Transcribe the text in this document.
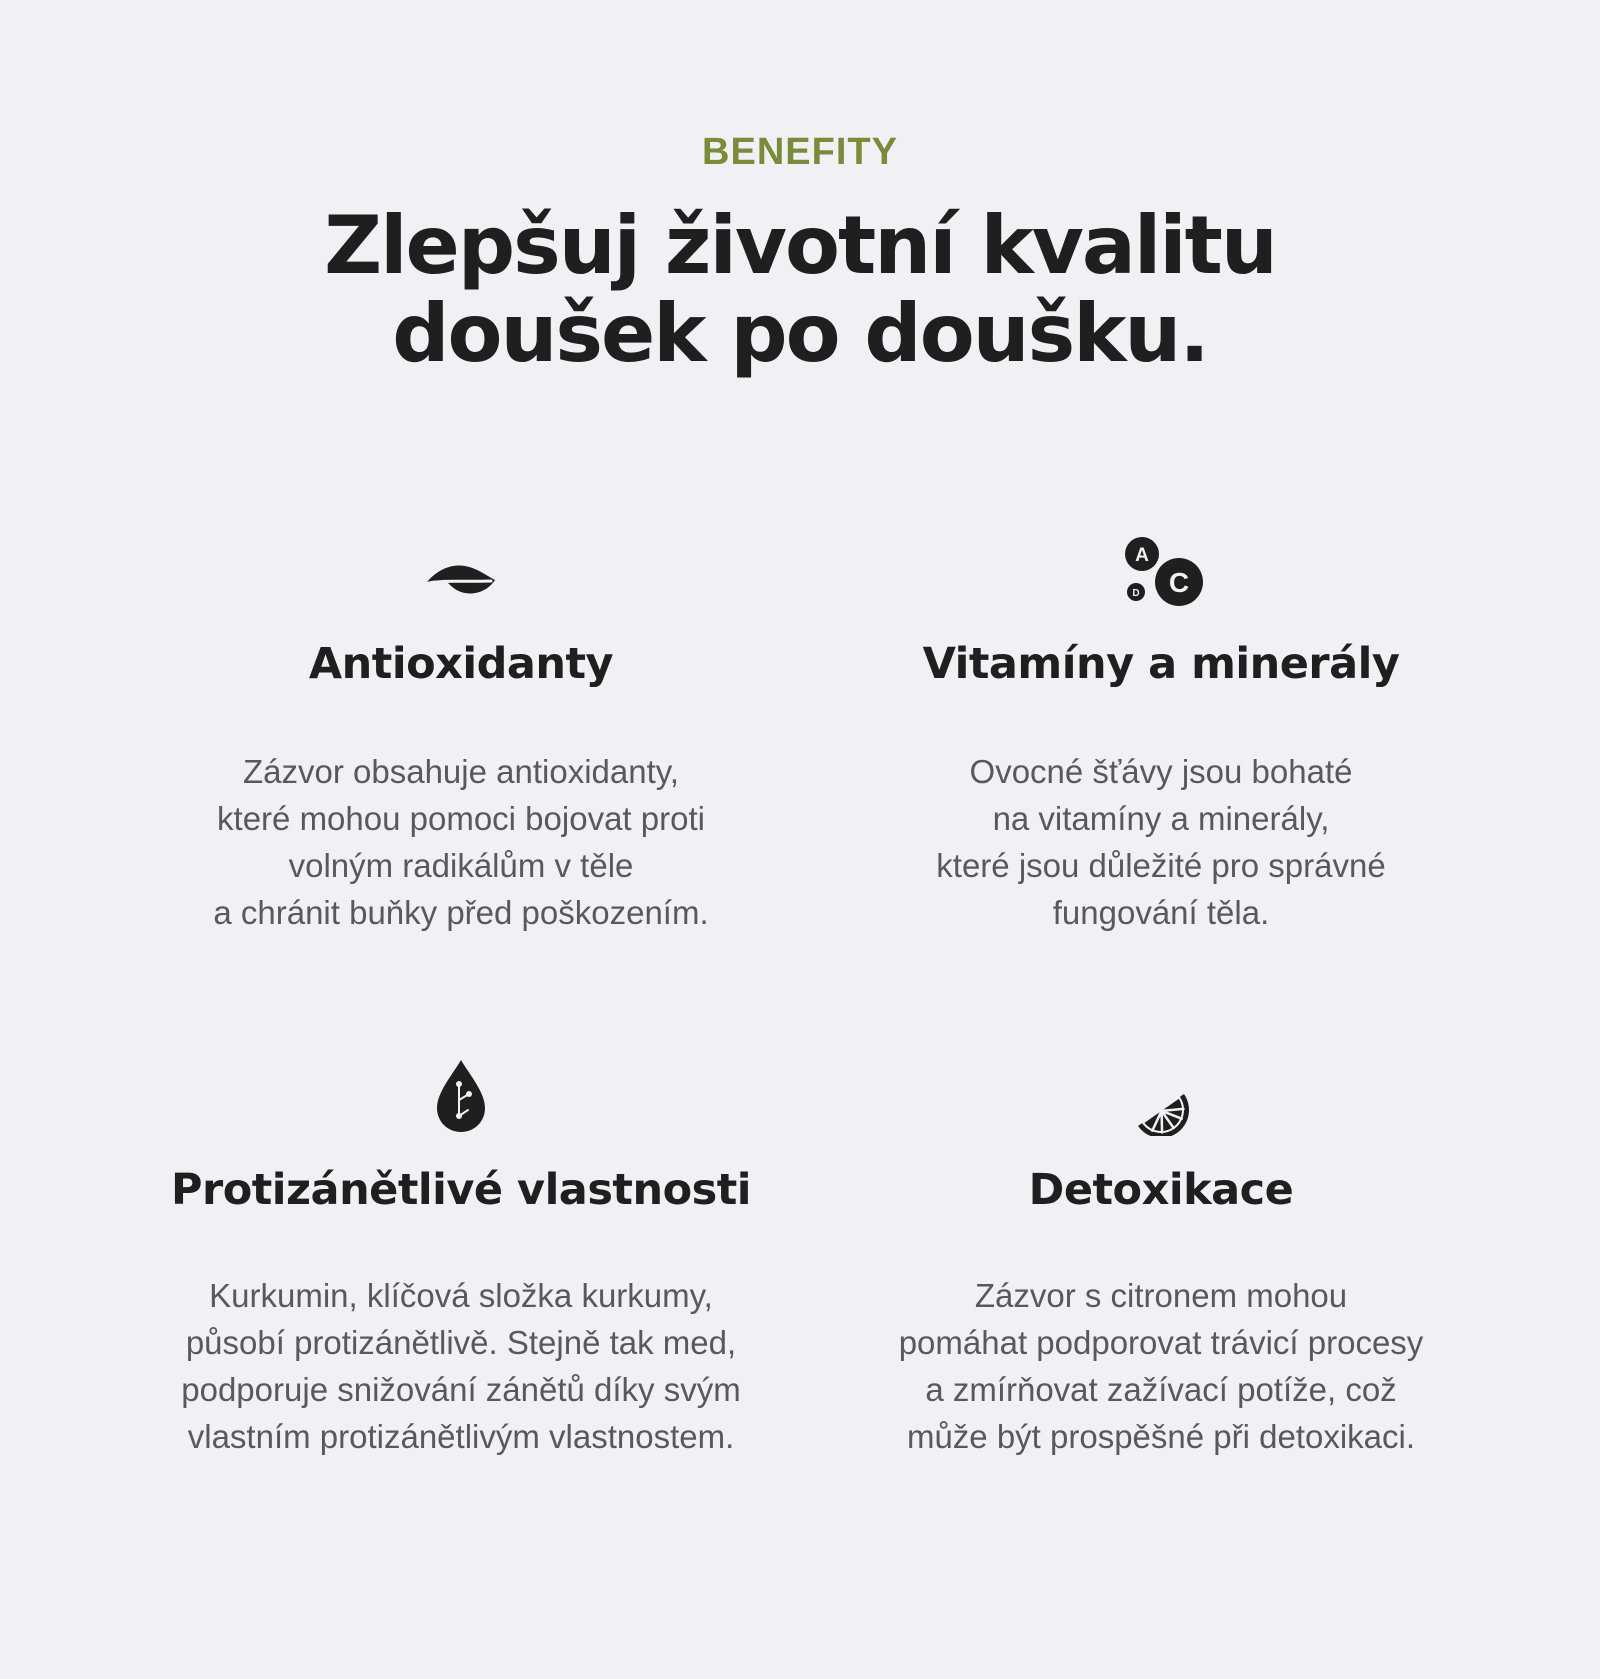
BENEFITY
Zlepšuj životní kvalitu
doušek po doušku.
Antioxidanty

Zázvor obsahuje antioxidanty,
které mohou pomoci bojovat proti
volným radikálům v těle
a chránit buňky před poškozením.

A
C
D
Vitamíny a minerály

Ovocné šťávy jsou bohaté
na vitamíny a minerály,
které jsou důležité pro správné
fungování těla.

Protizánětlivé vlastnosti

Kurkumin, klíčová složka kurkumy,
působí protizánětlivě. Stejně tak med,
podporuje snižování zánětů díky svým
vlastním protizánětlivým vlastnostem.

Detoxikace

Zázvor s citronem mohou
pomáhat podporovat trávicí procesy
a zmírňovat zažívací potíže, což
může být prospěšné při detoxikaci.
